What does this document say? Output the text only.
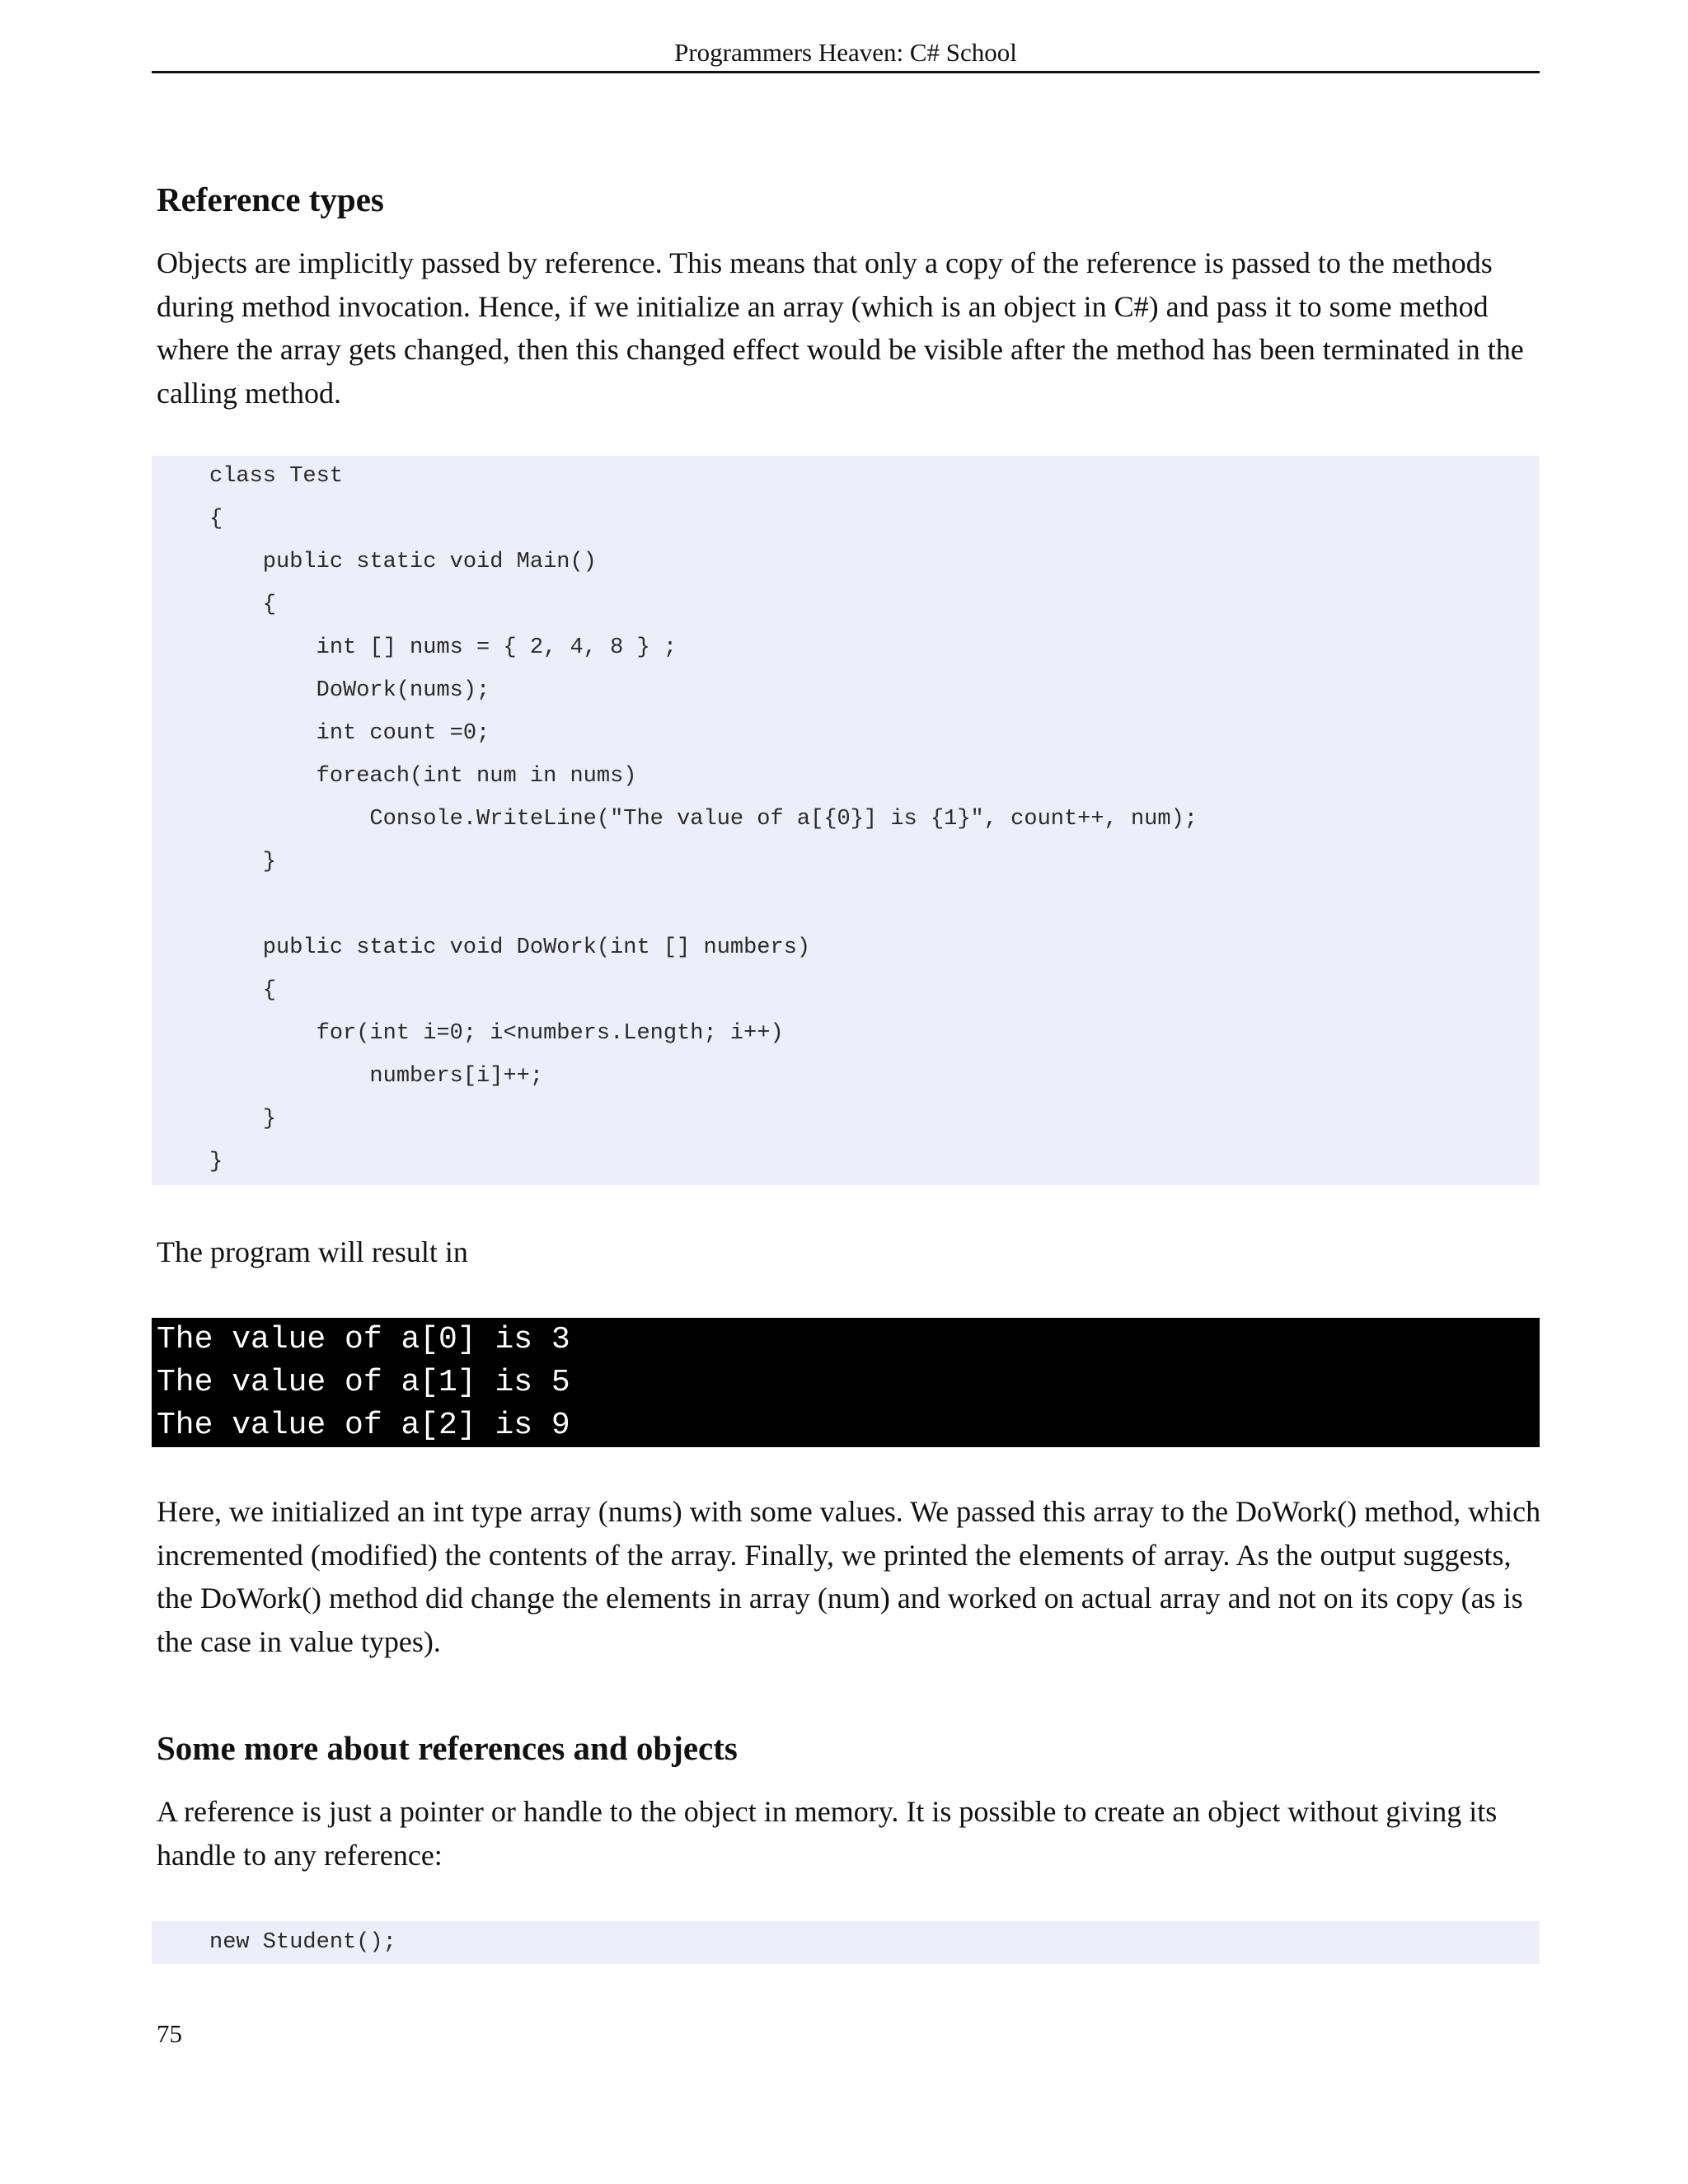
Programmers Heaven: C# School
Reference types
Objects are implicitly passed by reference. This means that only a copy of the reference is passed to the methods during method invocation. Hence, if we initialize an array (which is an object in C#) and pass it to some method where the array gets changed, then this changed effect would be visible after the method has been terminated in the calling method.
class Test
{
public static void Main()
{
int [] nums = { 2, 4, 8 } ;
DoWork(nums);
int count =0;
foreach(int num in nums)
Console.WriteLine("The value of a[{0}] is {1}", count++, num);
}
public static void DoWork(int [] numbers)
{
for(int i=0; i<numbers.Length; i++)
numbers[i]++;
}
}
The program will result in
The value of a[0] is 3
The value of a[1] is 5
The value of a[2] is 9
Here, we initialized an int type array (nums) with some values. We passed this array to the DoWork() method, which incremented (modified) the contents of the array. Finally, we printed the elements of array. As the output suggests, the DoWork() method did change the elements in array (num) and worked on actual array and not on its copy (as is the case in value types).
Some more about references and objects
A reference is just a pointer or handle to the object in memory. It is possible to create an object without giving its handle to any reference:
new Student();
75
